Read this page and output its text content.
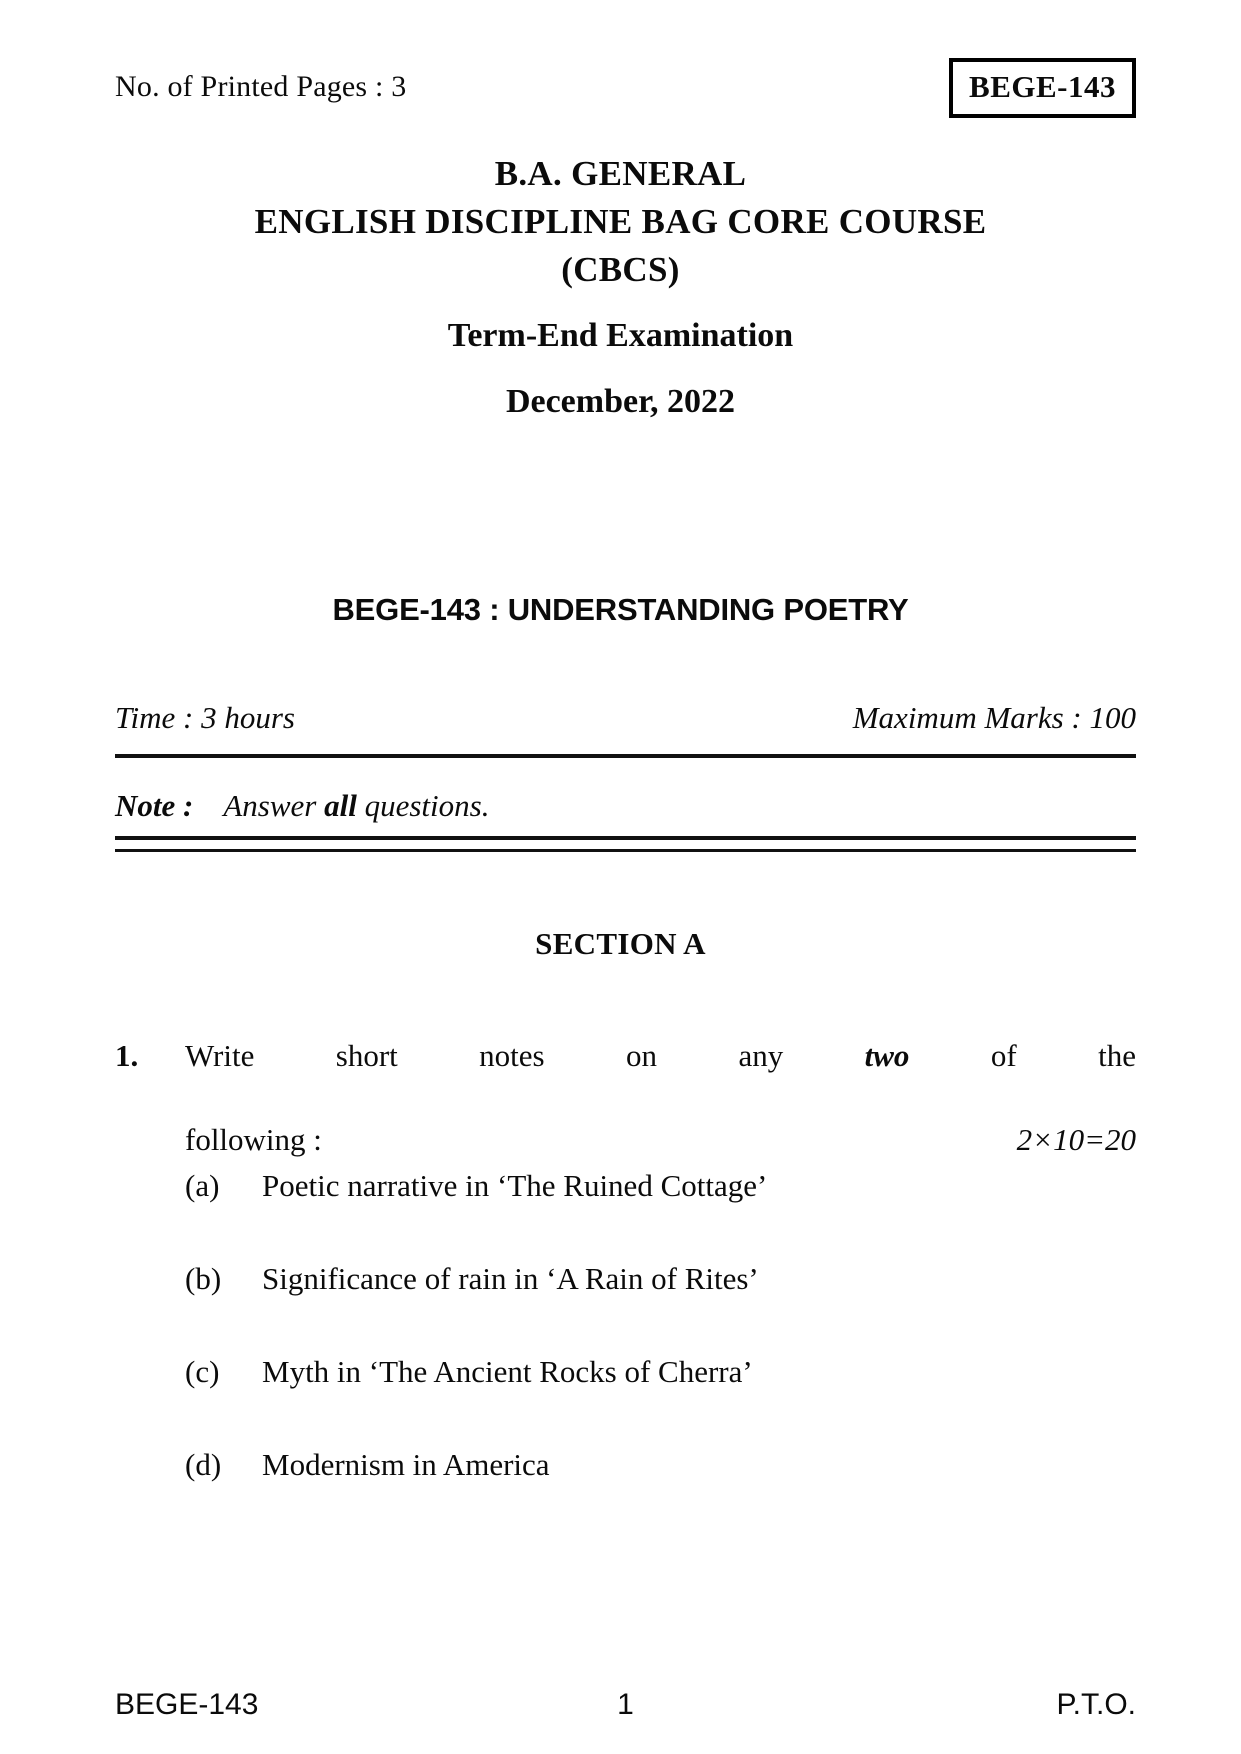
No. of Printed Pages : 3	BEGE-143
B.A. GENERAL
ENGLISH DISCIPLINE BAG CORE COURSE
(CBCS)
Term-End Examination
December, 2022
BEGE-143 : UNDERSTANDING POETRY
Time : 3 hours	Maximum Marks : 100
Note : Answer all questions.
SECTION A
1.	Write	short	notes	on	any	two	of	the
following :	2×10=20
(a)	Poetic narrative in ‘The Ruined Cottage’
(b)	Significance of rain in ‘A Rain of Rites’
(c)	Myth in ‘The Ancient Rocks of Cherra’
(d)	Modernism in America
BEGE-143	1	P.T.O.
